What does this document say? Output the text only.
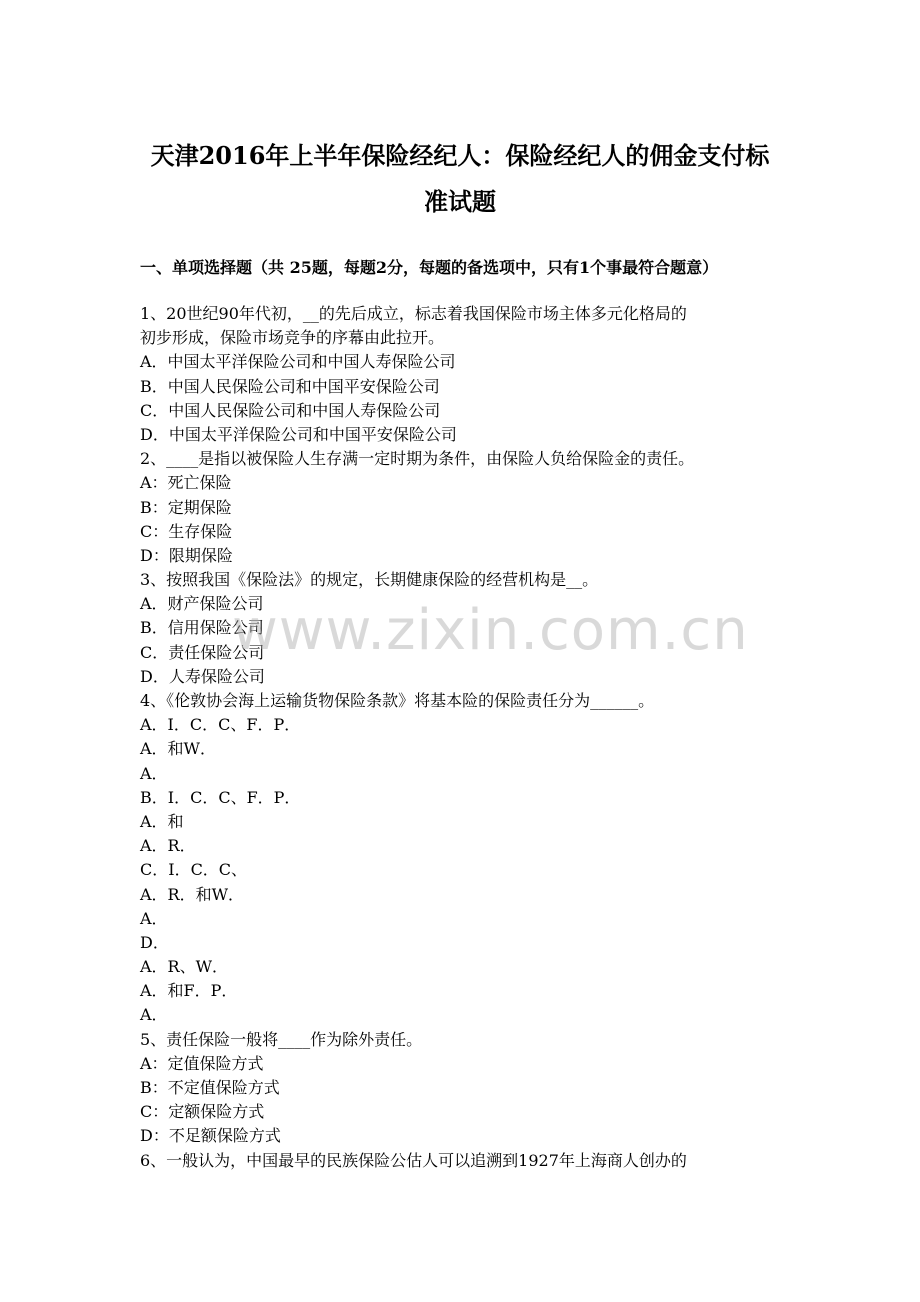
天津2016年上半年保险经纪人：保险经纪人的佣金支付标
准试题
一、单项选择题（共 25题，每题2分，每题的备选项中，只有1个事最符合题意）
1、20世纪90年代初，__的先后成立，标志着我国保险市场主体多元化格局的
初步形成，保险市场竞争的序幕由此拉开。
A．中国太平洋保险公司和中国人寿保险公司
B．中国人民保险公司和中国平安保险公司
C．中国人民保险公司和中国人寿保险公司
D．中国太平洋保险公司和中国平安保险公司
2、____是指以被保险人生存满一定时期为条件，由保险人负给保险金的责任。
A：死亡保险
B：定期保险
C：生存保险
D：限期保险
3、按照我国《保险法》的规定，长期健康保险的经营机构是__。
A．财产保险公司
B．信用保险公司
C．责任保险公司
D．人寿保险公司
4、《伦敦协会海上运输货物保险条款》将基本险的保险责任分为______。
A．I．C．C、F．P．
A．和W．
A．
B．I．C．C、F．P．
A．和
A．R．
C．I．C．C、
A．R．和W．
A．
D．
A．R、W．
A．和F．P．
A．
5、责任保险一般将____作为除外责任。
A：定值保险方式
B：不定值保险方式
C：定额保险方式
D：不足额保险方式
6、一般认为，中国最早的民族保险公估人可以追溯到1927年上海商人创办的
www.zixin.com.cn
